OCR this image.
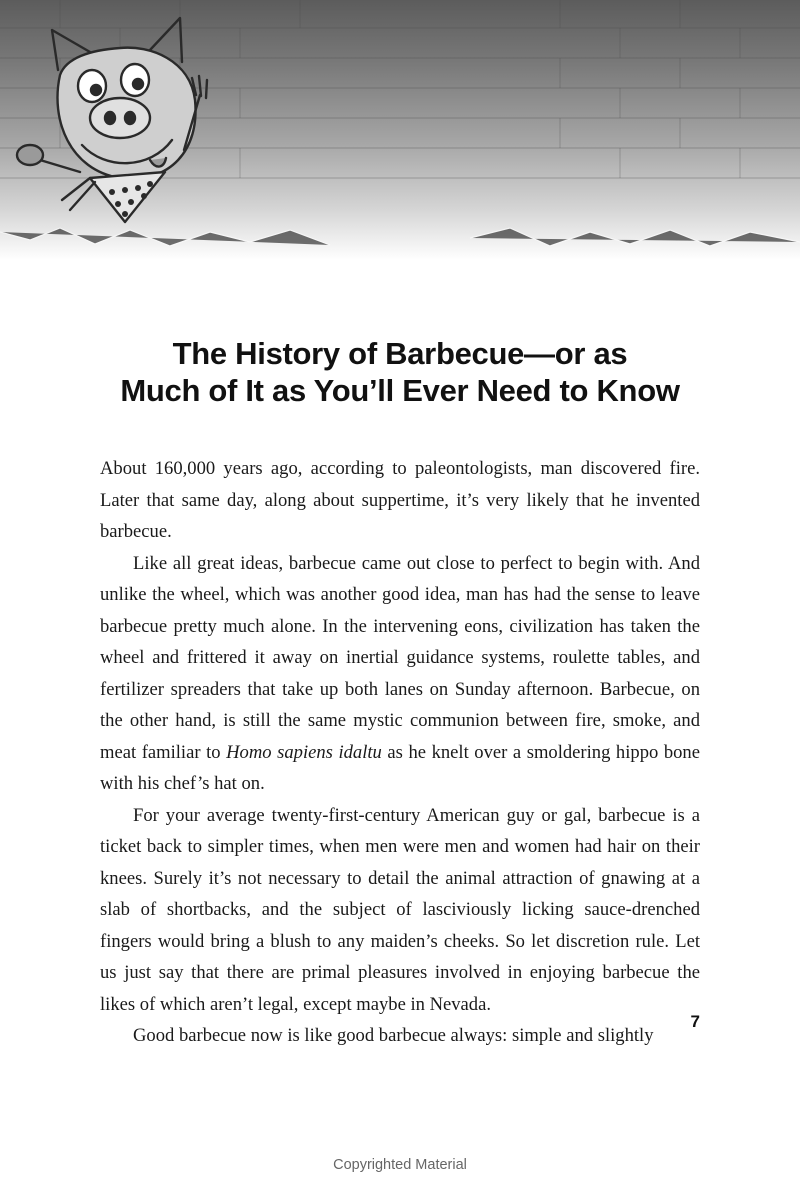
The History of Barbecue—or as
Much of It as You’ll Ever Need to Know

About 160,000 years ago, according to paleontologists, man discovered fire. Later that same day, along about suppertime, it’s very likely that he invented barbecue.

Like all great ideas, barbecue came out close to perfect to begin with. And unlike the wheel, which was another good idea, man has had the sense to leave barbecue pretty much alone. In the intervening eons, civilization has taken the wheel and frittered it away on inertial guidance systems, roulette tables, and fertilizer spreaders that take up both lanes on Sunday afternoon. Barbecue, on the other hand, is still the same mystic communion between fire, smoke, and meat familiar to Homo sapiens idaltu as he knelt over a smoldering hippo bone with his chef’s hat on.

For your average twenty-first-century American guy or gal, barbecue is a ticket back to simpler times, when men were men and women had hair on their knees. Surely it’s not necessary to detail the animal attraction of gnawing at a slab of shortbacks, and the subject of lasciviously licking sauce-drenched fingers would bring a blush to any maiden’s cheeks. So let discretion rule. Let us just say that there are primal pleasures involved in enjoying barbecue the likes of which aren’t legal, except maybe in Nevada.

Good barbecue now is like good barbecue always: simple and slightly

7
Copyrighted Material
